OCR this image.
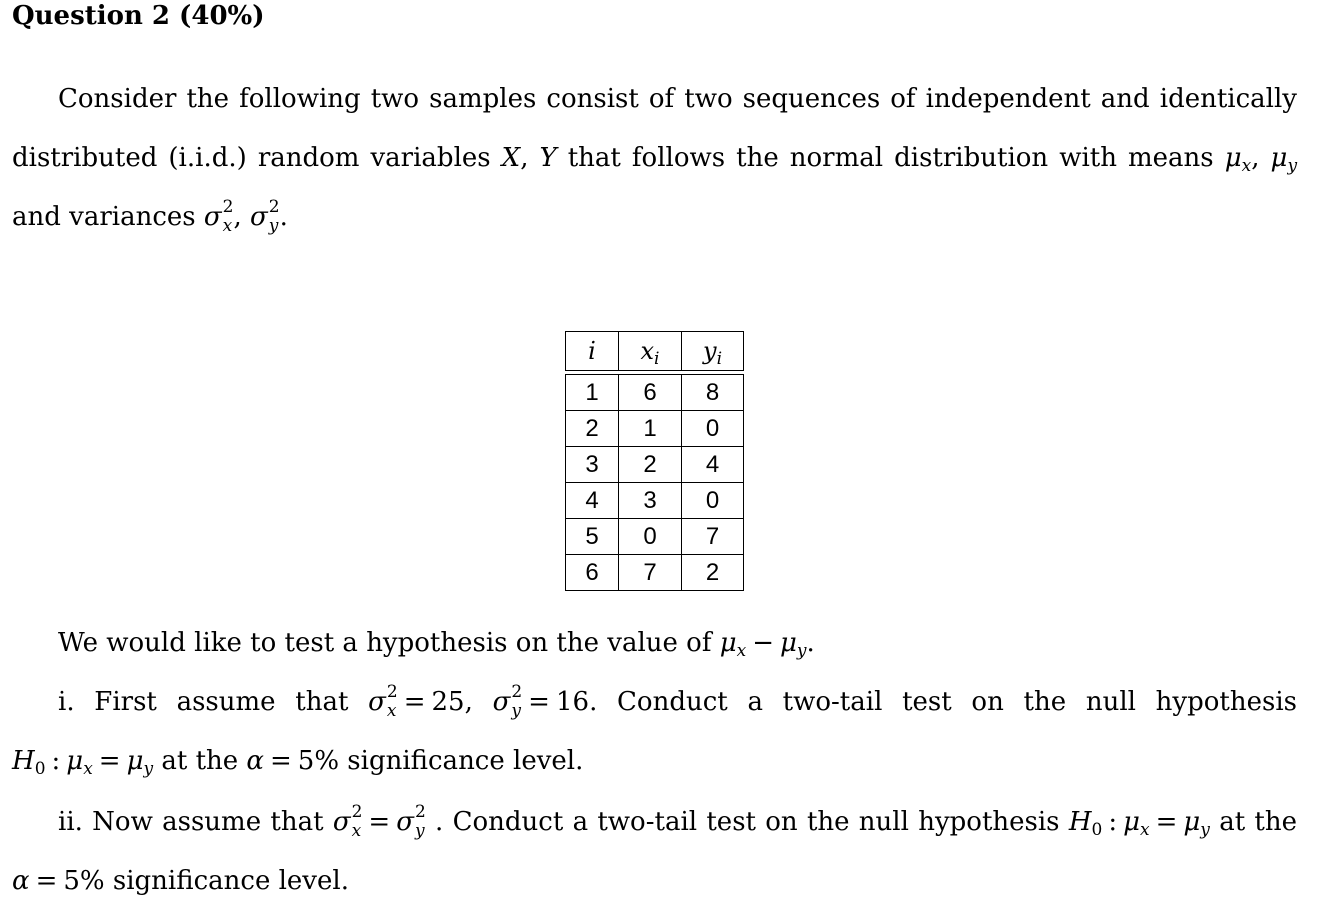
Question 2 (40%)
Consider the following two samples consist of two sequences of independent and identically distributed (i.i.d.) random variables X, Y that follows the normal distribution with means $\mu_x$, $\mu_y$ and variances σ 2
x , σ 2
y .
i	$x_i$	$y_i$

1	6	8
2	1	0
3	2	4
4	3	0
5	0	7
6	7	2
We would like to test a hypothesis on the value of $\mu_x - \mu_y$.
i. First assume that σ 2
x = 25, σ 2
y = 16. Conduct a two-tail test on the null hypothesis $H_0$ : $\mu_x = \mu_y$ at the α = 5% significance level.
ii. Now assume that σ 2
x = σ 2
y . Conduct a two-tail test on the null hypothesis $H_0$ : $\mu_x = \mu_y$ at the α = 5% significance level.
